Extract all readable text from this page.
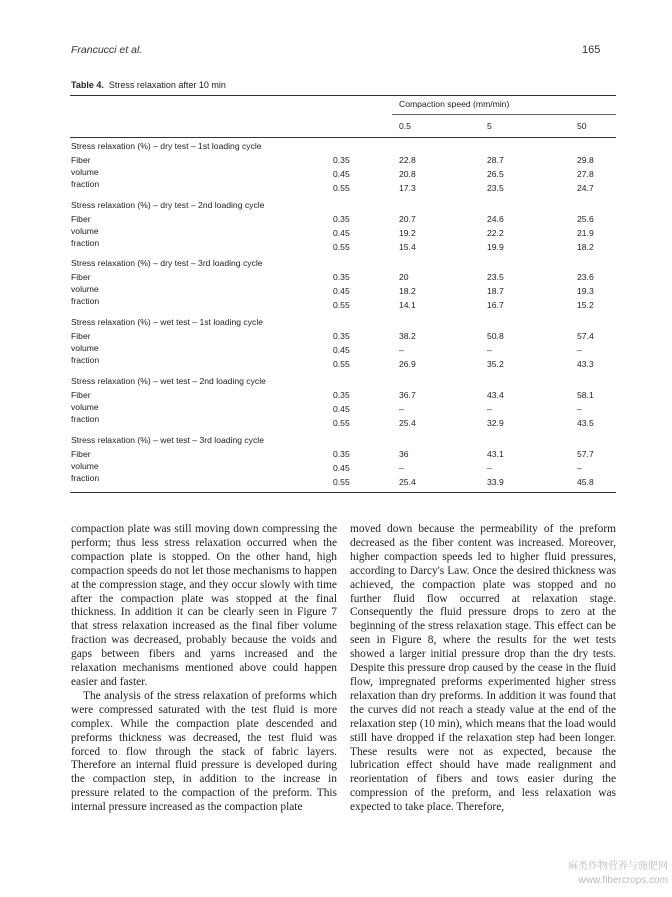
Francucci et al.	165
Table 4. Stress relaxation after 10 min
Compaction speed (mm/min)
0.5	5	50
Stress relaxation (%) – dry test – 1st loading cycle
Fiber
volume
fraction
0.35	22.8	28.7	29.8
0.45	20.8	26.5	27.8
0.55	17.3	23.5	24.7
Stress relaxation (%) – dry test – 2nd loading cycle
Fiber
volume
fraction
0.35	20.7	24.6	25.6
0.45	19.2	22.2	21.9
0.55	15.4	19.9	18.2
Stress relaxation (%) – dry test – 3rd loading cycle
Fiber
volume
fraction
0.35	20	23.5	23.6
0.45	18.2	18.7	19.3
0.55	14.1	16.7	15.2
Stress relaxation (%) – wet test – 1st loading cycle
Fiber
volume
fraction
0.35	38.2	50.8	57.4
0.45	–	–	–
0.55	26.9	35.2	43.3
Stress relaxation (%) – wet test – 2nd loading cycle
Fiber
volume
fraction
0.35	36.7	43.4	58.1
0.45	–	–	–
0.55	25.4	32.9	43.5
Stress relaxation (%) – wet test – 3rd loading cycle
Fiber
volume
fraction
0.35	36	43.1	57.7
0.45	–	–	–
0.55	25.4	33.9	45.8

compaction plate was still moving down compressing the perform; thus less stress relaxation occurred when the compaction plate is stopped. On the other hand, high compaction speeds do not let those mechanisms to happen at the compression stage, and they occur slowly with time after the compaction plate was stopped at the final thickness. In addition it can be clearly seen in Figure 7 that stress relaxation increased as the final fiber volume fraction was decreased, probably because the voids and gaps between fibers and yarns increased and the relaxation mechanisms mentioned above could happen easier and faster.

The analysis of the stress relaxation of preforms which were compressed saturated with the test fluid is more complex. While the compaction plate descended and preforms thickness was decreased, the test fluid was forced to flow through the stack of fabric layers. Therefore an internal fluid pressure is developed during the compaction step, in addition to the increase in pressure related to the compaction of the preform. This internal pressure increased as the compaction plate

moved down because the permeability of the preform decreased as the fiber content was increased. Moreover, higher compaction speeds led to higher fluid pressures, according to Darcy's Law. Once the desired thickness was achieved, the compaction plate was stopped and no further fluid flow occurred at relaxation stage. Consequently the fluid pressure drops to zero at the beginning of the stress relaxation stage. This effect can be seen in Figure 8, where the results for the wet tests showed a larger initial pressure drop than the dry tests. Despite this pressure drop caused by the cease in the fluid flow, impregnated preforms experimented higher stress relaxation than dry preforms. In addition it was found that the curves did not reach a steady value at the end of the relaxation step (10 min), which means that the load would still have dropped if the relaxation step had been longer. These results were not as expected, because the lubrication effect should have made realignment and reorientation of fibers and tows easier during the compression of the preform, and less relaxation was expected to take place. Therefore,

麻类作物营养与施肥网
www.fibercrops.com
